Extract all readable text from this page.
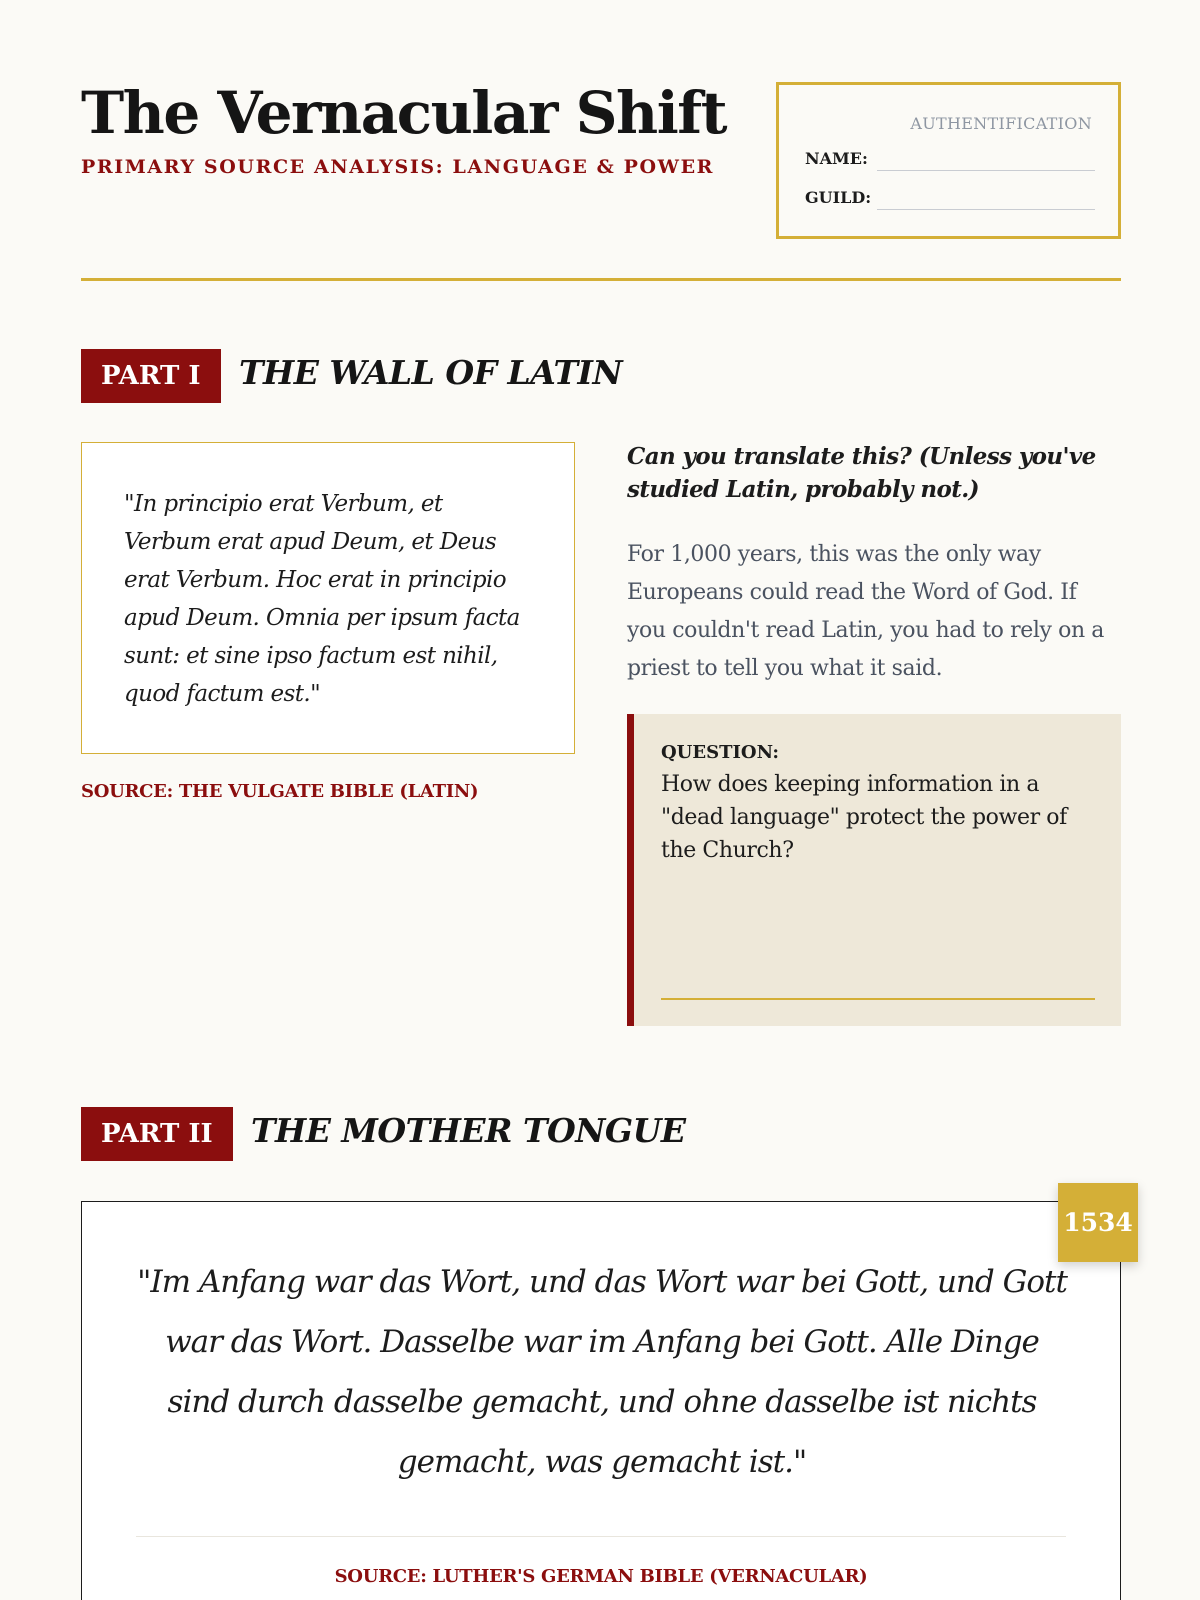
The Vernacular Shift
PRIMARY SOURCE ANALYSIS: LANGUAGE & POWER
AUTHENTIFICATION
NAME:
GUILD:
PART I	THE WALL OF LATIN

"In principio erat Verbum, et Verbum erat apud Deum, et Deus erat Verbum. Hoc erat in principio apud Deum. Omnia per ipsum facta sunt: et sine ipso factum est nihil, quod factum est."

SOURCE: THE VULGATE BIBLE (LATIN)

Can you translate this? (Unless you've studied Latin, probably not.)

For 1,000 years, this was the only way Europeans could read the Word of God. If you couldn't read Latin, you had to rely on a priest to tell you what it said.

QUESTION:

How does keeping information in a "dead language" protect the power of the Church?

PART II	THE MOTHER TONGUE

"Im Anfang war das Wort, und das Wort war bei Gott, und Gott war das Wort. Dasselbe war im Anfang bei Gott. Alle Dinge sind durch dasselbe gemacht, und ohne dasselbe ist nichts gemacht, was gemacht ist."

SOURCE: LUTHER'S GERMAN BIBLE (VERNACULAR)
1534
